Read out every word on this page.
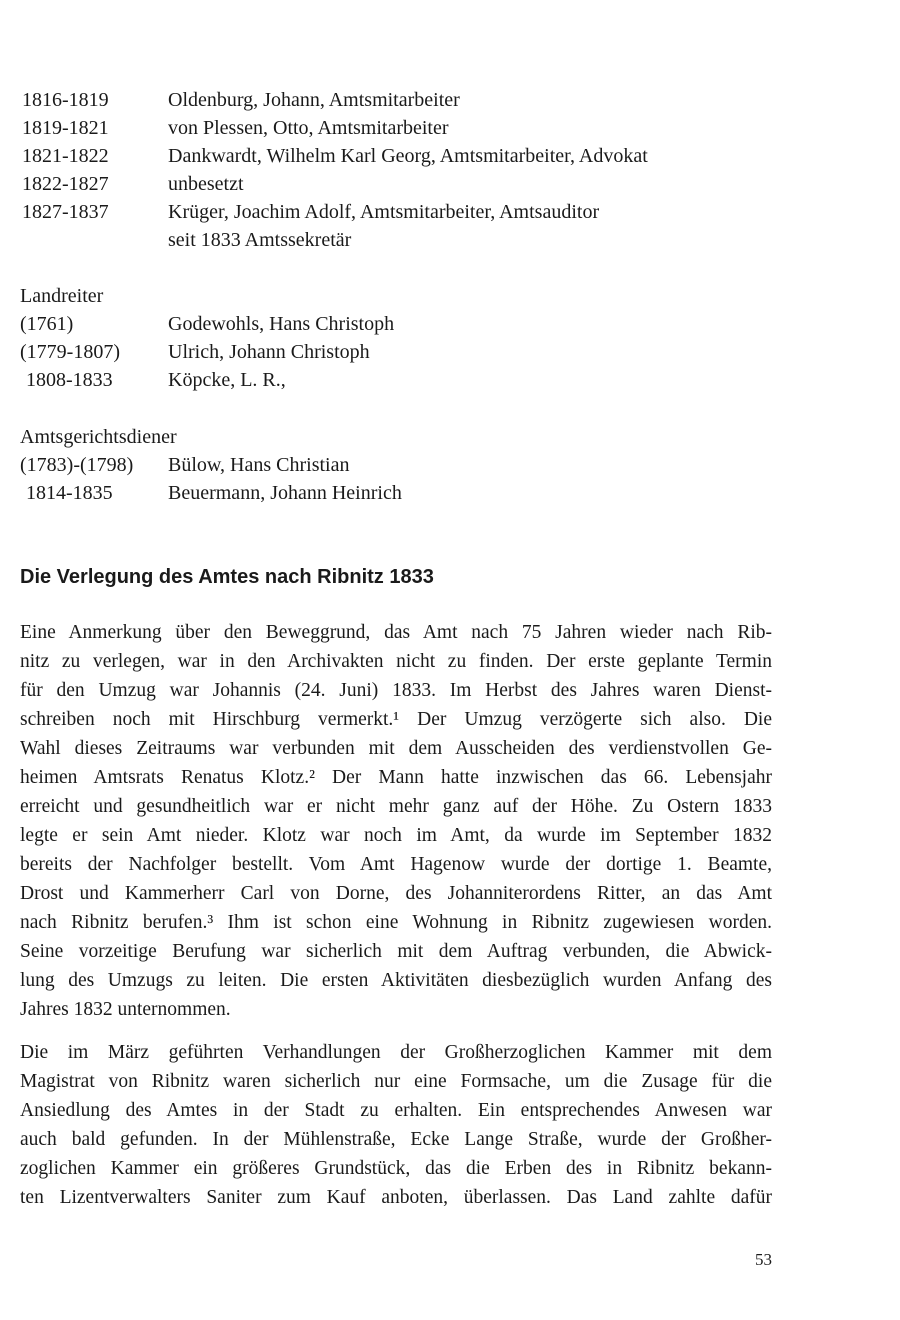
1816-1819	Oldenburg, Johann, Amtsmitarbeiter
1819-1821	von Plessen, Otto, Amtsmitarbeiter
1821-1822	Dankwardt, Wilhelm Karl Georg, Amtsmitarbeiter, Advokat
1822-1827	unbesetzt
1827-1837	Krüger, Joachim Adolf, Amtsmitarbeiter, Amtsauditor
seit 1833 Amtssekretär
Landreiter
(1761)	Godewohls, Hans Christoph
(1779-1807) Ulrich, Johann Christoph
1808-1833	Köpcke, L. R.,
Amtsgerichtsdiener
(1783)-(1798) Bülow, Hans Christian
1814-1835	Beuermann, Johann Heinrich
Die Verlegung des Amtes nach Ribnitz 1833
Eine Anmerkung über den Beweggrund, das Amt nach 75 Jahren wieder nach Rib-
nitz zu verlegen, war in den Archivakten nicht zu finden. Der erste geplante Termin
für den Umzug war Johannis (24. Juni) 1833. Im Herbst des Jahres waren Dienst-
schreiben noch mit Hirschburg vermerkt.¹ Der Umzug verzögerte sich also. Die
Wahl dieses Zeitraums war verbunden mit dem Ausscheiden des verdienstvollen Ge-
heimen Amtsrats Renatus Klotz.² Der Mann hatte inzwischen das 66. Lebensjahr
erreicht und gesundheitlich war er nicht mehr ganz auf der Höhe. Zu Ostern 1833
legte er sein Amt nieder. Klotz war noch im Amt, da wurde im September 1832
bereits der Nachfolger bestellt. Vom Amt Hagenow wurde der dortige 1. Beamte,
Drost und Kammerherr Carl von Dorne, des Johanniterordens Ritter, an das Amt
nach Ribnitz berufen.³ Ihm ist schon eine Wohnung in Ribnitz zugewiesen worden.
Seine vorzeitige Berufung war sicherlich mit dem Auftrag verbunden, die Abwick-
lung des Umzugs zu leiten. Die ersten Aktivitäten diesbezüglich wurden Anfang des
Jahres 1832 unternommen.
Die im März geführten Verhandlungen der Großherzoglichen Kammer mit dem
Magistrat von Ribnitz waren sicherlich nur eine Formsache, um die Zusage für die
Ansiedlung des Amtes in der Stadt zu erhalten. Ein entsprechendes Anwesen war
auch bald gefunden. In der Mühlenstraße, Ecke Lange Straße, wurde der Großher-
zoglichen Kammer ein größeres Grundstück, das die Erben des in Ribnitz bekann-
ten Lizentverwalters Saniter zum Kauf anboten, überlassen. Das Land zahlte dafür
53
